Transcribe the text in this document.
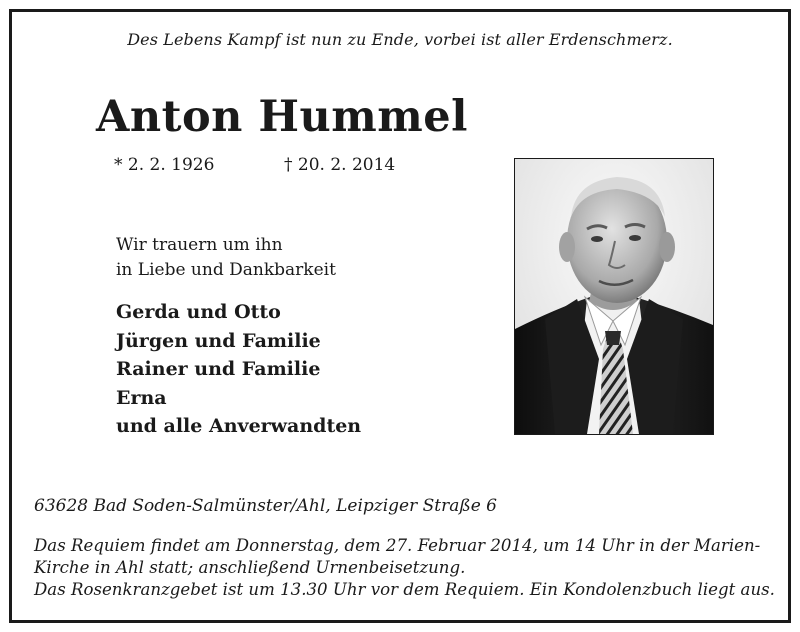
Des Lebens Kampf ist nun zu Ende, vorbei ist aller Erdenschmerz.
Anton Hummel
* 2. 2. 1926	† 20. 2. 2014
Wir trauern um ihn
in Liebe und Dankbarkeit
Gerda und Otto
Jürgen und Familie
Rainer und Familie
Erna
und alle Anverwandten
63628 Bad Soden-Salmünster/Ahl, Leipziger Straße 6
Das Requiem findet am Donnerstag, dem 27. Februar 2014, um 14 Uhr in der Marien-
Kirche in Ahl statt; anschließend Urnenbeisetzung.
Das Rosenkranzgebet ist um 13.30 Uhr vor dem Requiem. Ein Kondolenzbuch liegt aus.
